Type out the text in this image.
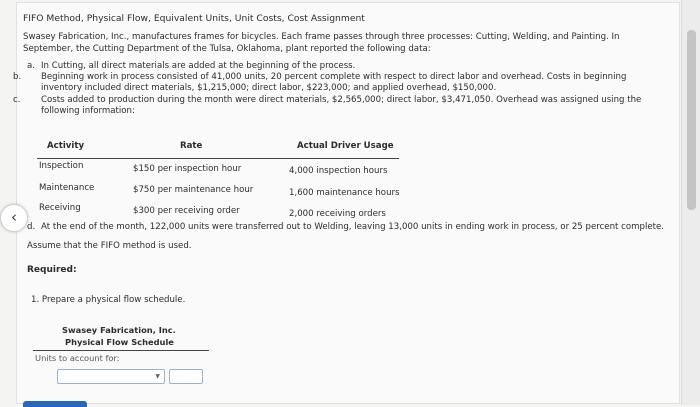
FIFO Method, Physical Flow, Equivalent Units, Unit Costs, Cost Assignment
Swasey Fabrication, Inc., manufactures frames for bicycles. Each frame passes through three processes: Cutting, Welding, and Painting. In September, the Cutting Department of the Tulsa, Oklahoma, plant reported the following data:
a. In Cutting, all direct materials are added at the beginning of the process.
b. Beginning work in process consisted of 41,000 units, 20 percent complete with respect to direct labor and overhead. Costs in beginning inventory included direct materials, $1,215,000; direct labor, $223,000; and applied overhead, $150,000.
c. Costs added to production during the month were direct materials, $2,565,000; direct labor, $3,471,050. Overhead was assigned using the following information:
Activity	Rate	Actual Driver Usage
Inspection	$150 per inspection hour	4,000 inspection hours
Maintenance	$750 per maintenance hour	1,600 maintenance hours
Receiving	$300 per receiving order	2,000 receiving orders
d. At the end of the month, 122,000 units were transferred out to Welding, leaving 13,000 units in ending work in process, or 25 percent complete.
Assume that the FIFO method is used.
Required:
1. Prepare a physical flow schedule.
Swasey Fabrication, Inc.
Physical Flow Schedule
Units to account for:
▼
‹
